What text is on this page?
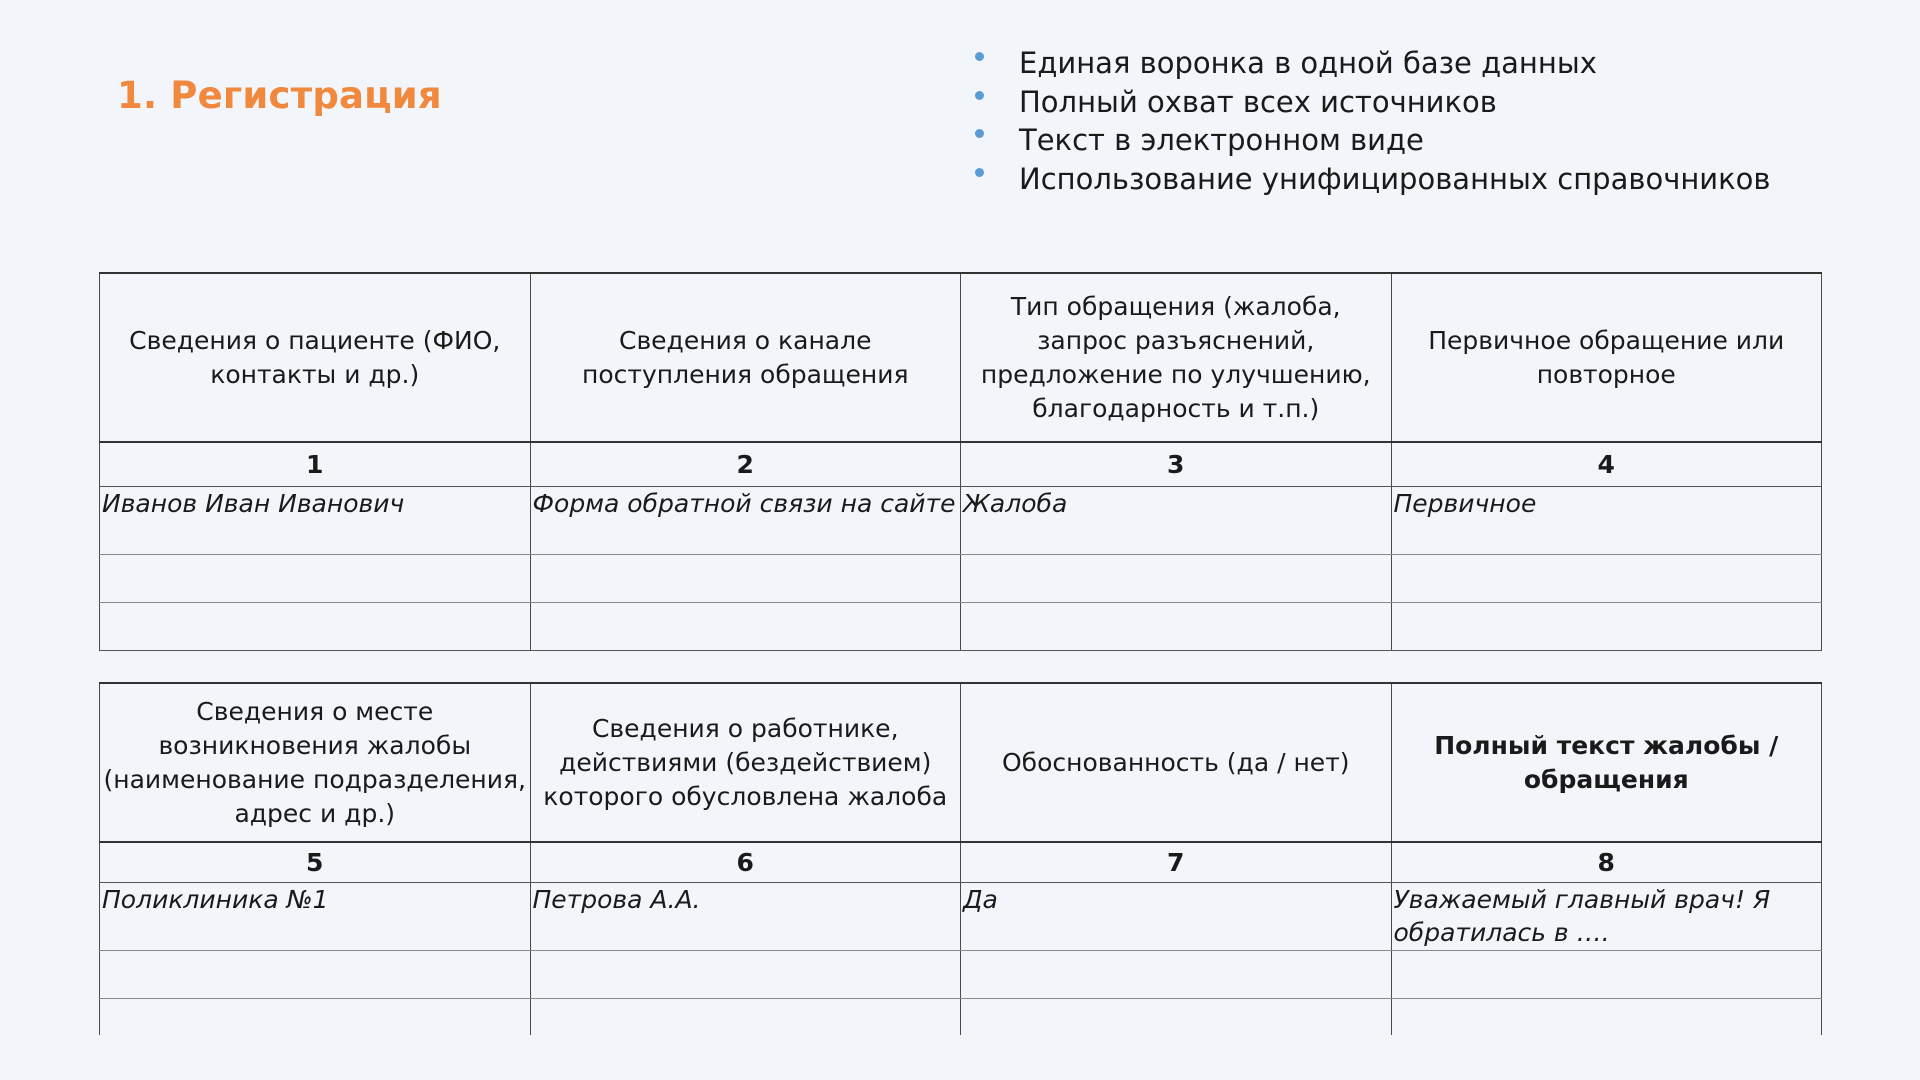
1. Регистрация
Единая воронка в одной базе данных
Полный охват всех источников
Текст в электронном виде
Использование унифицированных справочников
Сведения о пациенте (ФИО, контакты и др.)	Сведения о канале поступления обращения	Тип обращения (жалоба, запрос разъяснений, предложение по улучшению, благодарность и т.п.)	Первичное обращение или повторное
1	2	3	4
Иванов Иван Иванович	Форма обратной связи на сайте	Жалоба	Первичное

Сведения о месте возникновения жалобы (наименование подразделения, адрес и др.)	Сведения о работнике, действиями (бездействием) которого обусловлена жалоба	Обоснованность (да / нет)	Полный текст жалобы / обращения
5	6	7	8
Поликлиника №1	Петрова А.А.	Да	Уважаемый главный врач! Я обратилась в ….
